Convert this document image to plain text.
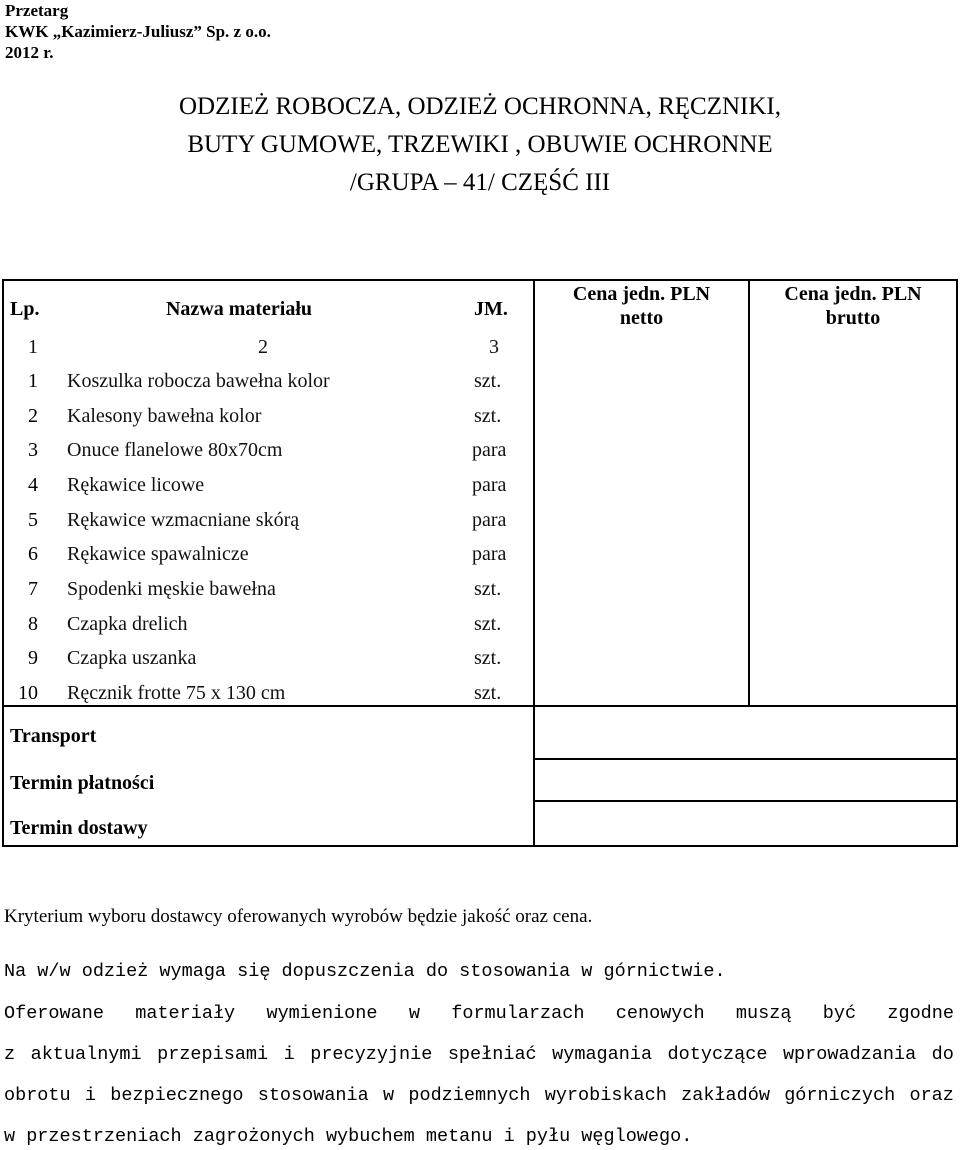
Przetarg
KWK „Kazimierz-Juliusz” Sp. z o.o.
2012 r.
ODZIEŻ ROBOCZA, ODZIEŻ OCHRONNA, RĘCZNIKI,
BUTY GUMOWE, TRZEWIKI , OBUWIE OCHRONNE
/GRUPA – 41/ CZĘŚĆ III
Lp.	Nazwa materiału	JM.
Cena jedn. PLN
netto
Cena jedn. PLN
brutto
1	2	3
1 Koszulka robocza bawełna kolor	szt.
2 Kalesony bawełna kolor	szt.
3 Onuce flanelowe 80x70cm	para
4 Rękawice licowe	para
5 Rękawice wzmacniane skórą	para
6 Rękawice spawalnicze	para
7 Spodenki męskie bawełna	szt.
8 Czapka drelich	szt.
9 Czapka uszanka	szt.
10 Ręcznik frotte 75 x 130 cm	szt.
Transport
Termin płatności
Termin dostawy
Kryterium wyboru dostawcy oferowanych wyrobów będzie jakość oraz cena.
Na w/w odzież wymaga się dopuszczenia do stosowania w górnictwie.
Oferowane materiały wymienione w formularzach cenowych muszą być zgodne
z aktualnymi przepisami i precyzyjnie spełniać wymagania dotyczące wprowadzania do
obrotu i bezpiecznego stosowania w podziemnych wyrobiskach zakładów górniczych oraz
w przestrzeniach zagrożonych wybuchem metanu i pyłu węglowego.
